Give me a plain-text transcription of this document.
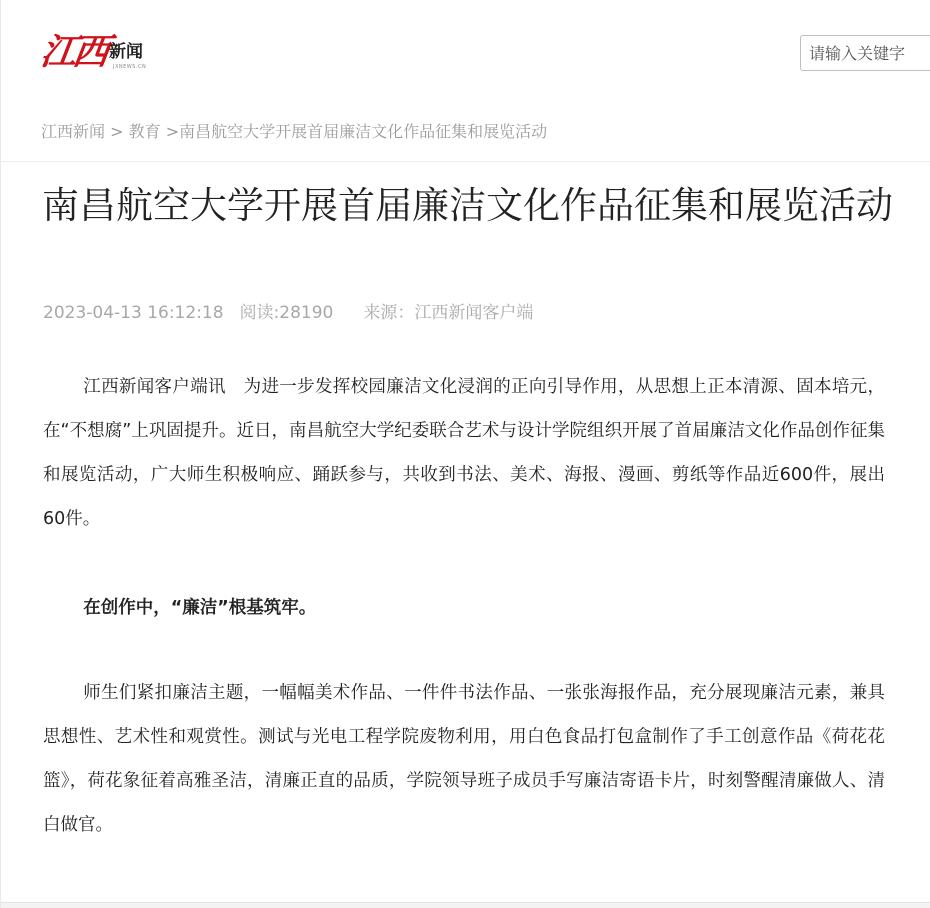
江西 新闻
JXNEWS.CN
请输入关键字
江西新闻 > 教育 >南昌航空大学开展首届廉洁文化作品征集和展览活动
南昌航空大学开展首届廉洁文化作品征集和展览活动
2023-04-13 16:12:18 阅读:28190 来源：江西新闻客户端

江西新闻客户端讯　为进一步发挥校园廉洁文化浸润的正向引导作用，从思想上正本清源、固本培元，在“不想腐”上巩固提升。近日，南昌航空大学纪委联合艺术与设计学院组织开展了首届廉洁文化作品创作征集和展览活动，广大师生积极响应、踊跃参与，共收到书法、美术、海报、漫画、剪纸等作品近600件，展出60件。

在创作中，“廉洁”根基筑牢。

师生们紧扣廉洁主题，一幅幅美术作品、一件件书法作品、一张张海报作品，充分展现廉洁元素，兼具思想性、艺术性和观赏性。测试与光电工程学院废物利用，用白色食品打包盒制作了手工创意作品《荷花花篮》，荷花象征着高雅圣洁，清廉正直的品质，学院领导班子成员手写廉洁寄语卡片，时刻警醒清廉做人、清白做官。
